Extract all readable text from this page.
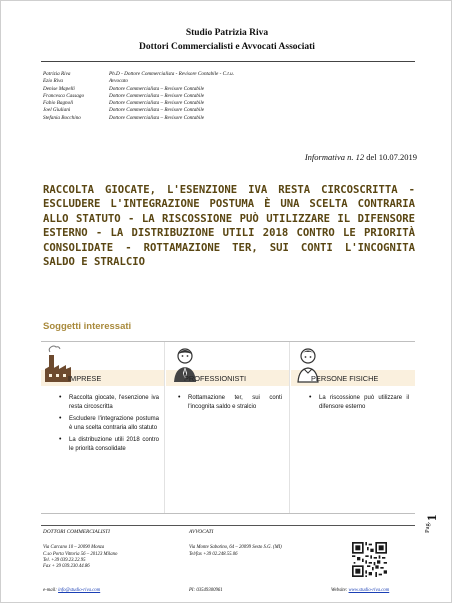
Studio Patrizia Riva
Dottori Commercialisti e Avvocati Associati
Patrizia Riva	Ph.D - Dottore Commercialista - Revisore Contabile - C.t.u.
Ezio Riva	Avvocato
Denise Mapelli	Dottore Commercialista – Revisore Contabile
Francesca Cassago	Dottore Commercialista – Revisore Contabile
Fabio Bagnoli	Dottore Commercialista – Revisore Contabile
Joel Giuliani	Dottore Commercialista – Revisore Contabile
Stefania Bocchino	Dottore Commercialista – Revisore Contabile
Informativa n. 12 del 10.07.2019
RACCOLTA GIOCATE, L'ESENZIONE IVA RESTA CIRCOSCRITTA - ESCLUDERE L'INTEGRAZIONE POSTUMA È UNA SCELTA CONTRARIA ALLO STATUTO - LA RISCOSSIONE PUÒ UTILIZZARE IL DIFENSORE ESTERNO - LA DISTRIBUZIONE UTILI 2018 CONTRO LE PRIORITÀ CONSOLIDATE - ROTTAMAZIONE TER, SUI CONTI L'INCOGNITA SALDO E STRALCIO
Soggetti interessati
IMPRESE
• Raccolta giocate, l'esenzione iva resta circoscritta
• Escludere l'integrazione postuma è una scelta contraria allo statuto
• La distribuzione utili 2018 contro le priorità consolidate
PROFESSIONISTI
• Rottamazione ter, sui conti l'incognita saldo e stralcio
PERSONE FISICHE
• La riscossione può utilizzare il difensore esterno
Pag.
1
DOTTORI COMMERCIALISTI
Via Carcano 10 – 20090 Monza
C.so Porta Vittoria 56 – 20123 Milano
Tel. +39 039.23.22.95
Fax + 39 039.230.44.86
AVVOCATI
Via Monte Sabotino, 64 – 20099 Sesto S.G. (MI)
Tel/fax +39 02.248.55.06
e-mail: info@studio-riva.com	PI: 03549300961	Website: www.studio-riva.com
